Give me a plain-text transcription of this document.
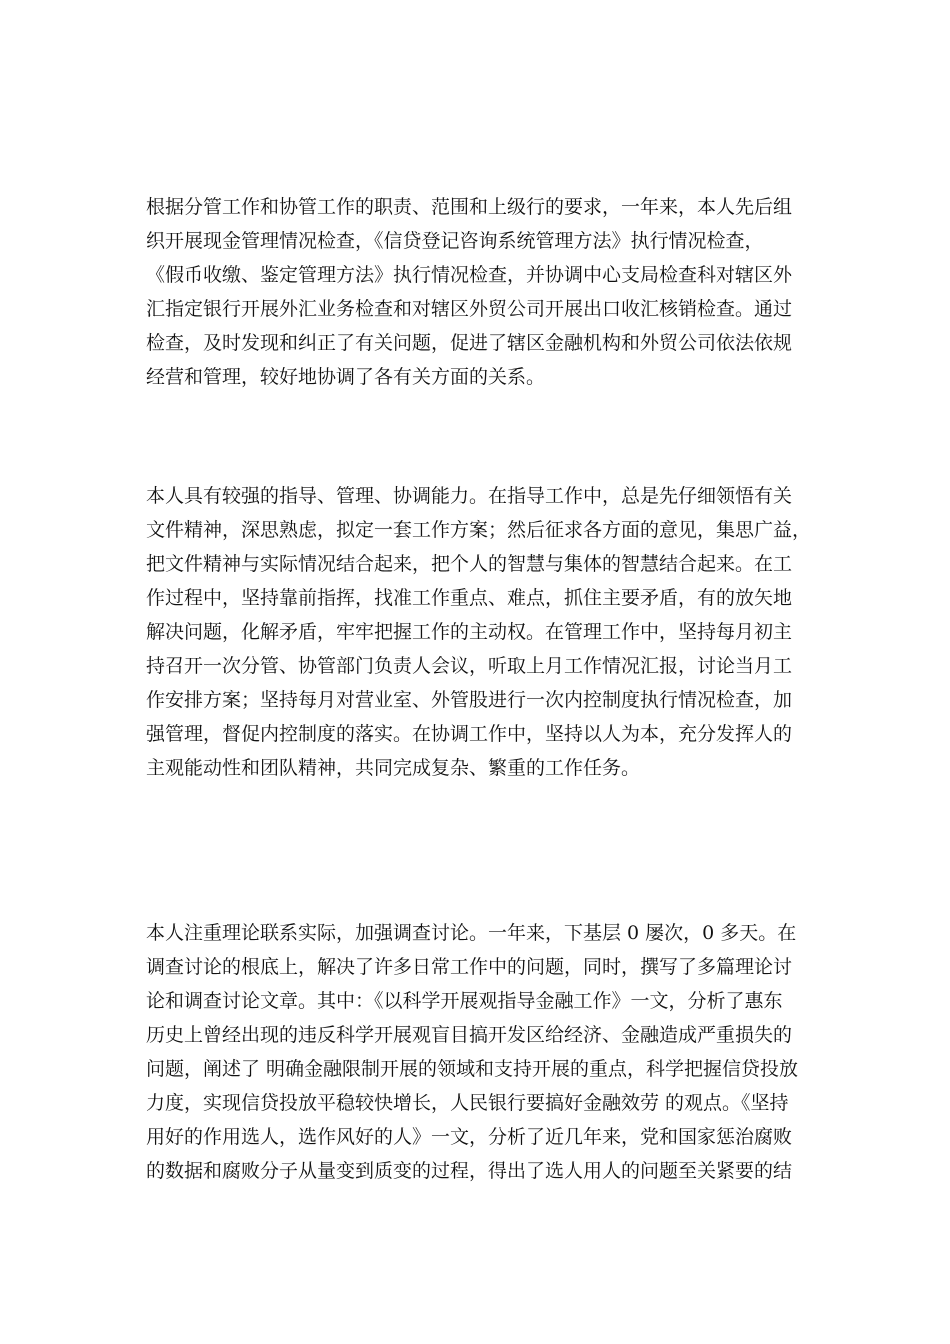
根据分管工作和协管工作的职责、范围和上级行的要求，一年来，本人先后组
织开展现金管理情况检查，《信贷登记咨询系统管理方法》执行情况检查，
《假币收缴、鉴定管理方法》执行情况检查，并协调中心支局检查科对辖区外
汇指定银行开展外汇业务检查和对辖区外贸公司开展出口收汇核销检查。通过
检查，及时发现和纠正了有关问题，促进了辖区金融机构和外贸公司依法依规
经营和管理，较好地协调了各有关方面的关系。
本人具有较强的指导、管理、协调能力。在指导工作中，总是先仔细领悟有关
文件精神，深思熟虑，拟定一套工作方案；然后征求各方面的意见，集思广益，
把文件精神与实际情况结合起来，把个人的智慧与集体的智慧结合起来。在工
作过程中，坚持靠前指挥，找准工作重点、难点，抓住主要矛盾，有的放矢地
解决问题，化解矛盾，牢牢把握工作的主动权。在管理工作中，坚持每月初主
持召开一次分管、协管部门负责人会议，听取上月工作情况汇报，讨论当月工
作安排方案；坚持每月对营业室、外管股进行一次内控制度执行情况检查，加
强管理，督促内控制度的落实。在协调工作中，坚持以人为本，充分发挥人的
主观能动性和团队精神，共同完成复杂、繁重的工作任务。
本人注重理论联系实际，加强调查讨论。一年来，下基层 0 屡次，0 多天。在
调查讨论的根底上，解决了许多日常工作中的问题，同时，撰写了多篇理论讨
论和调查讨论文章。其中：《以科学开展观指导金融工作》一文，分析了惠东
历史上曾经出现的违反科学开展观盲目搞开发区给经济、金融造成严重损失的
问题，阐述了 明确金融限制开展的领域和支持开展的重点，科学把握信贷投放
力度，实现信贷投放平稳较快增长，人民银行要搞好金融效劳 的观点。《坚持
用好的作用选人，选作风好的人》一文，分析了近几年来，党和国家惩治腐败
的数据和腐败分子从量变到质变的过程，得出了选人用人的问题至关紧要的结
